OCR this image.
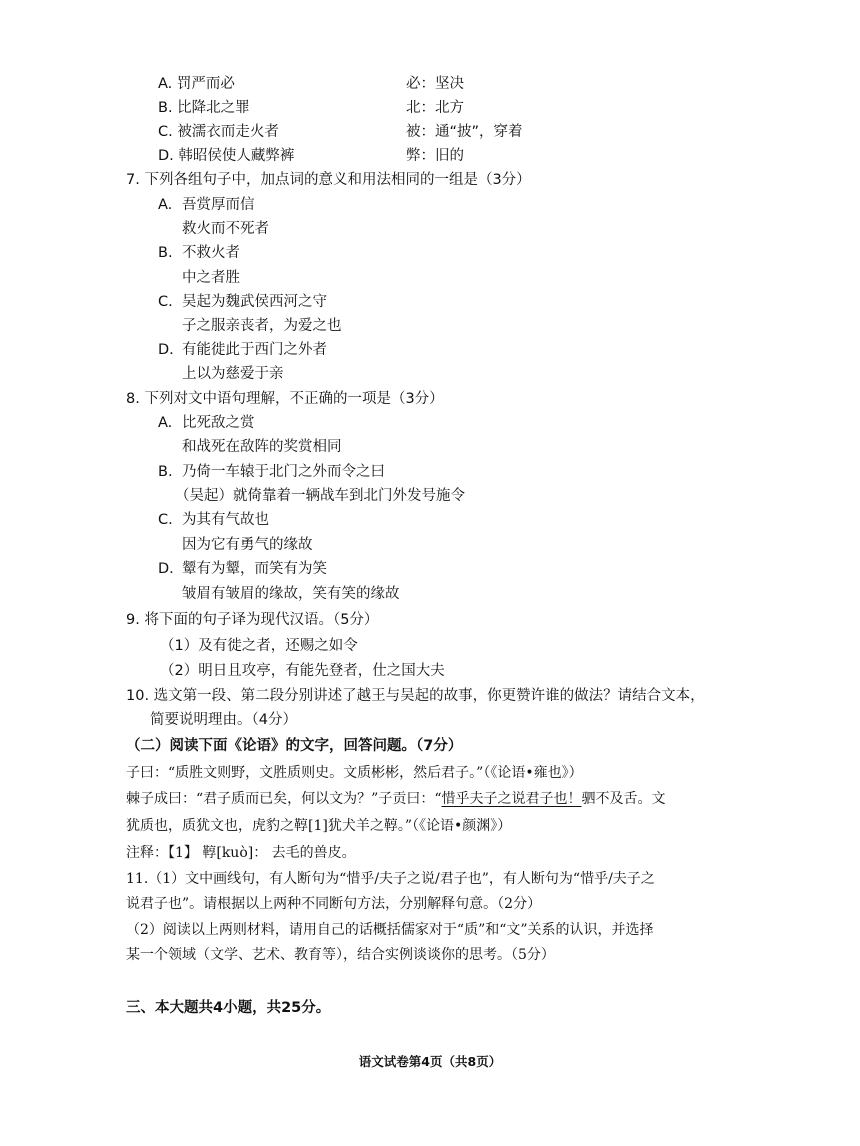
A. 罚严而必	必：坚决
B. 比降北之罪	北：北方
C. 被濡衣而走火者	被：通“披”，穿着
D. 韩昭侯使人藏弊裤	弊：旧的
7. 下列各组句子中，加点词的意义和用法相同的一组是（3分）
A. 吾赏厚而信
救火而不死者
B. 不救火者
中之者胜
C. 吴起为魏武侯西河之守
子之服亲丧者，为爱之也
D. 有能徙此于西门之外者
上以为慈爱于亲
8. 下列对文中语句理解，不正确的一项是（3分）
A. 比死敌之赏
和战死在敌阵的奖赏相同
B. 乃倚一车辕于北门之外而令之曰
（吴起）就倚靠着一辆战车到北门外发号施令
C. 为其有气故也
因为它有勇气的缘故
D. 颦有为颦，而笑有为笑
皱眉有皱眉的缘故，笑有笑的缘故
9. 将下面的句子译为现代汉语。（5分）
（1）及有徙之者，还赐之如令
（2）明日且攻亭，有能先登者，仕之国大夫
10. 选文第一段、第二段分别讲述了越王与吴起的故事，你更赞许谁的做法？请结合文本，
简要说明理由。（4分）
（二）阅读下面《论语》的文字，回答问题。（7分）
子曰：“质胜文则野，文胜质则史。文质彬彬，然后君子。”（《论语•雍也》）
棘子成曰：“君子质而已矣，何以文为？”子贡曰：“惜乎夫子之说君子也！驷不及舌。文
犹质也，质犹文也，虎豹之鞟[1]犹犬羊之鞟。”（《论语•颜渊》）
注释：【1】 鞟[kuò]： 去毛的兽皮。
11.（1）文中画线句，有人断句为“惜乎/夫子之说/君子也”，有人断句为“惜乎/夫子之
说君子也”。请根据以上两种不同断句方法，分别解释句意。（2分）
（2）阅读以上两则材料，请用自己的话概括儒家对于“质”和“文”关系的认识，并选择
某一个领域（文学、艺术、教育等），结合实例谈谈你的思考。（5分）
三、本大题共4小题，共25分。
语文试卷第4页（共8页）
